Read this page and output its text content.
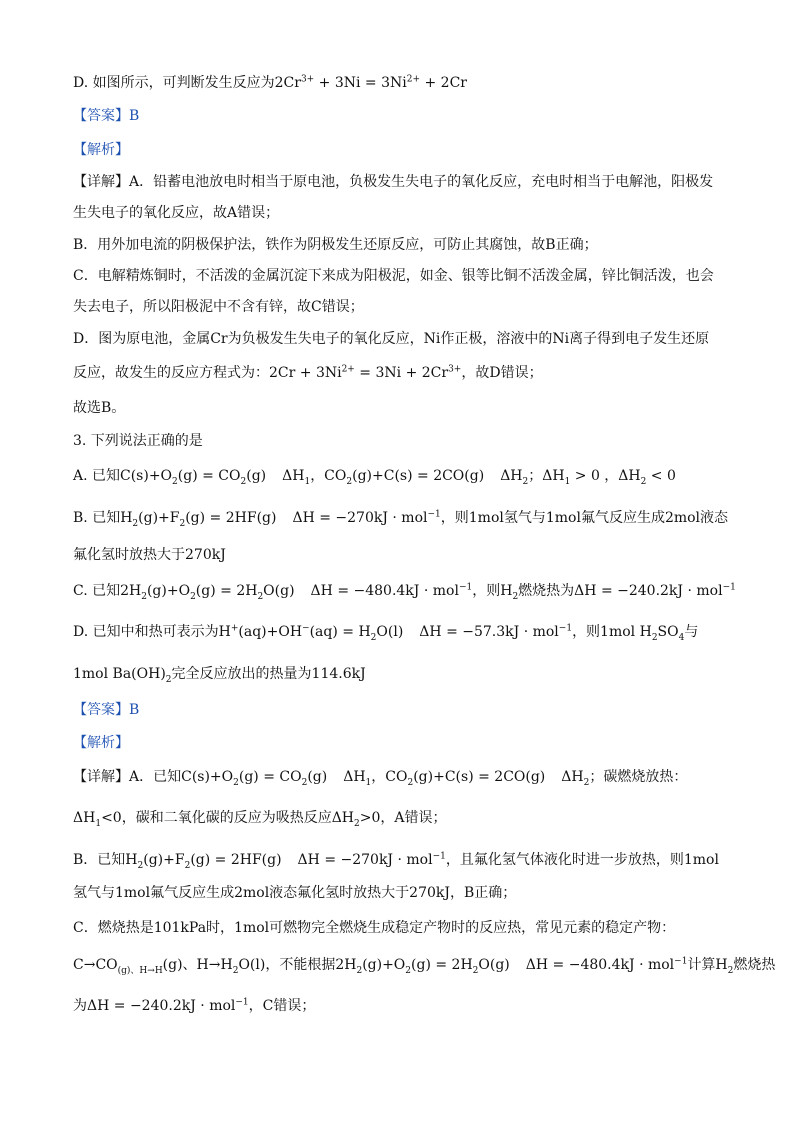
D. 如图所示，可判断发生反应为$2Cr^{3+} + 3Ni = 3Ni^{2+} + 2Cr$
【答案】B
【解析】
【详解】A．铅蓄电池放电时相当于原电池，负极发生失电子的氧化反应，充电时相当于电解池，阳极发
生失电子的氧化反应，故A错误；
B．用外加电流的阴极保护法，铁作为阴极发生还原反应，可防止其腐蚀，故B正确；
C．电解精炼铜时，不活泼的金属沉淀下来成为阳极泥，如金、银等比铜不活泼金属，锌比铜活泼，也会
失去电子，所以阳极泥中不含有锌，故C错误；
D．图为原电池，金属Cr为负极发生失电子的氧化反应，Ni作正极，溶液中的Ni离子得到电子发生还原
反应，故发生的反应方程式为：$2Cr + 3Ni^{2+} = 3Ni + 2Cr^{3+}$，故D错误；
故选B。
3. 下列说法正确的是
A. 已知$C(s)+O_2(g) = CO_2(g)$ $\Delta H_1$，$CO_2(g)+C(s) = 2CO(g)$ $\Delta H_2$；$\Delta H_1 > 0$ ，$\Delta H_2 < 0$
B. 已知$H_2(g)+F_2(g) = 2HF(g) \Delta H = -270kJ \cdot mol^{-1}$，则1mol氢气与1mol氟气反应生成2mol液态
氟化氢时放热大于270kJ
C. 已知$2H_2(g)+O_2(g) = 2H_2O(g) \Delta H = -480.4kJ \cdot mol^{-1}$，则$H_2$燃烧热为ΔH = −240.2kJ · mol$^{-1}$
D. 已知中和热可表示为$H^+(aq)+OH^-(aq) = H_2O(l) \Delta H = -57.3kJ \cdot mol^{-1}$，则1mol $H_2SO_4$与
1mol $Ba(OH)_2$完全反应放出的热量为114.6kJ
【答案】B
【解析】
【详解】A．已知$C(s)+O_2(g) = CO_2(g)$ $\Delta H_1$，$CO_2(g)+C(s) = 2CO(g)$ $\Delta H_2$；碳燃烧放热：
$\Delta H_1<0$，碳和二氧化碳的反应为吸热反应$\Delta H_2>0$，A错误；
B．已知$H_2(g)+F_2(g) = 2HF(g) \Delta H = -270kJ \cdot mol^{-1}$，且氟化氢气体液化时进一步放热，则1mol
氢气与1mol氟气反应生成2mol液态氟化氢时放热大于270kJ，B正确；
C．燃烧热是101kPa时，1mol可燃物完全燃烧生成稳定产物时的反应热，常见元素的稳定产物：
$C\to CO_{(g)、H\to H}(g)$、$H\to H_2O(l)$，不能根据$2H_2(g)+O_2(g) = 2H_2O(g) \Delta H = -480.4kJ \cdot mol^{-1}$计算$H_2$燃烧热
为ΔH = −240.2kJ · mol$^{-1}$，C错误；
